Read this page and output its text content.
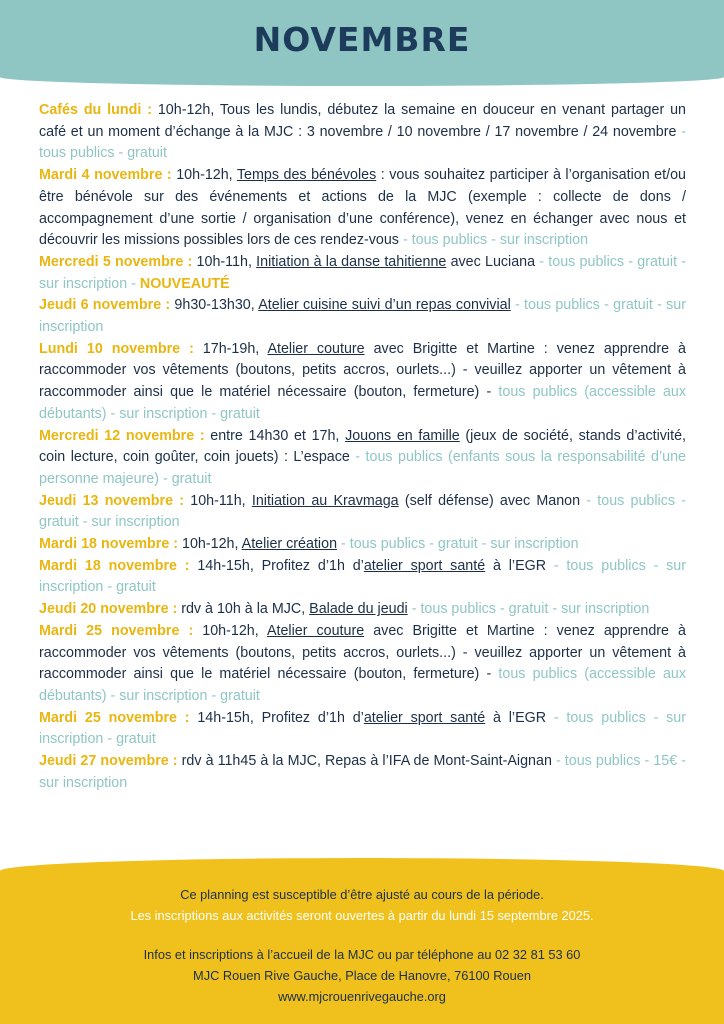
NOVEMBRE

Cafés du lundi : 10h-12h, Tous les lundis, débutez la semaine en douceur en venant partager un café et un moment d’échange à la MJC : 3 novembre / 10 novembre / 17 novembre / 24 novembre - tous publics - gratuit

Mardi 4 novembre : 10h-12h, Temps des bénévoles : vous souhaitez participer à l’organisation et/ou être bénévole sur des événements et actions de la MJC (exemple : collecte de dons / accompagnement d’une sortie / organisation d’une conférence), venez en échanger avec nous et découvrir les missions possibles lors de ces rendez-vous - tous publics - sur inscription

Mercredi 5 novembre : 10h-11h, Initiation à la danse tahitienne avec Luciana - tous publics - gratuit - sur inscription - NOUVEAUTÉ

Jeudi 6 novembre : 9h30-13h30, Atelier cuisine suivi d’un repas convivial - tous publics - gratuit - sur inscription

Lundi 10 novembre : 17h-19h, Atelier couture avec Brigitte et Martine : venez apprendre à raccommoder vos vêtements (boutons, petits accros, ourlets...) - veuillez apporter un vêtement à raccommoder ainsi que le matériel nécessaire (bouton, fermeture) - tous publics (accessible aux débutants) - sur inscription - gratuit

Mercredi 12 novembre : entre 14h30 et 17h, Jouons en famille (jeux de société, stands d’activité, coin lecture, coin goûter, coin jouets) : L’espace - tous publics (enfants sous la responsabilité d’une personne majeure) - gratuit

Jeudi 13 novembre : 10h-11h, Initiation au Kravmaga (self défense) avec Manon - tous publics - gratuit - sur inscription

Mardi 18 novembre : 10h-12h, Atelier création - tous publics - gratuit - sur inscription

Mardi 18 novembre : 14h-15h, Profitez d’1h d’atelier sport santé à l’EGR - tous publics - sur inscription - gratuit

Jeudi 20 novembre : rdv à 10h à la MJC, Balade du jeudi - tous publics - gratuit - sur inscription

Mardi 25 novembre : 10h-12h, Atelier couture avec Brigitte et Martine : venez apprendre à raccommoder vos vêtements (boutons, petits accros, ourlets...) - veuillez apporter un vêtement à raccommoder ainsi que le matériel nécessaire (bouton, fermeture) - tous publics (accessible aux débutants) - sur inscription - gratuit

Mardi 25 novembre : 14h-15h, Profitez d’1h d’atelier sport santé à l’EGR - tous publics - sur inscription - gratuit

Jeudi 27 novembre : rdv à 11h45 à la MJC, Repas à l’IFA de Mont-Saint-Aignan - tous publics - 15€ - sur inscription

Ce planning est susceptible d’être ajusté au cours de la période.
Les inscriptions aux activités seront ouvertes à partir du lundi 15 septembre 2025.
Infos et inscriptions à l’accueil de la MJC ou par téléphone au 02 32 81 53 60
MJC Rouen Rive Gauche, Place de Hanovre, 76100 Rouen
www.mjcrouenrivegauche.org
